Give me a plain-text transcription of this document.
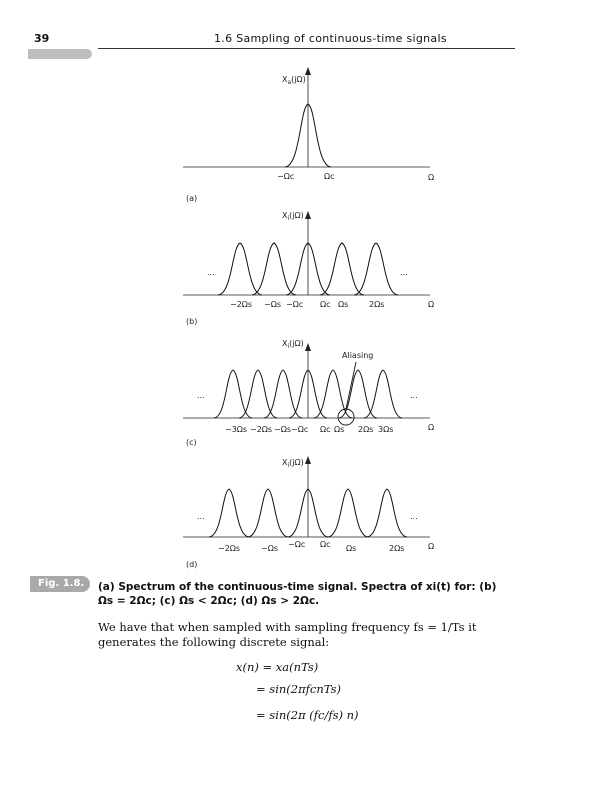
39	1.6 Sampling of continuous-time signals
$X_a(j\Omega)$
−Ωc	Ωc	Ω
(a)
$X_i(j\Omega)$
...	...
−2Ωs −Ωs −Ωc Ωc Ωs	2Ωs	Ω
(b)
Aliasing
$X_i(j\Omega)$
...	...
−3Ωs −2Ωs −Ωs −Ωc Ωc Ωs 2Ωs 3Ωs	Ω
(c)
$X_i(j\Omega)$
...	...
−2Ωs	−Ωs −Ωc Ωc Ωs	2Ωs	Ω
(d)
Fig. 1.8. (a) Spectrum of the continuous-time signal. Spectra of xi(t) for: (b) Ωs = 2Ωc; (c) Ωs < 2Ωc; (d) Ωs > 2Ωc.
We have that when sampled with sampling frequency fs = 1/Ts it generates the following discrete signal:
x(n) = xa(nTs)
= sin(2πfcnTs)
= sin(2π (fc/fs) n)
